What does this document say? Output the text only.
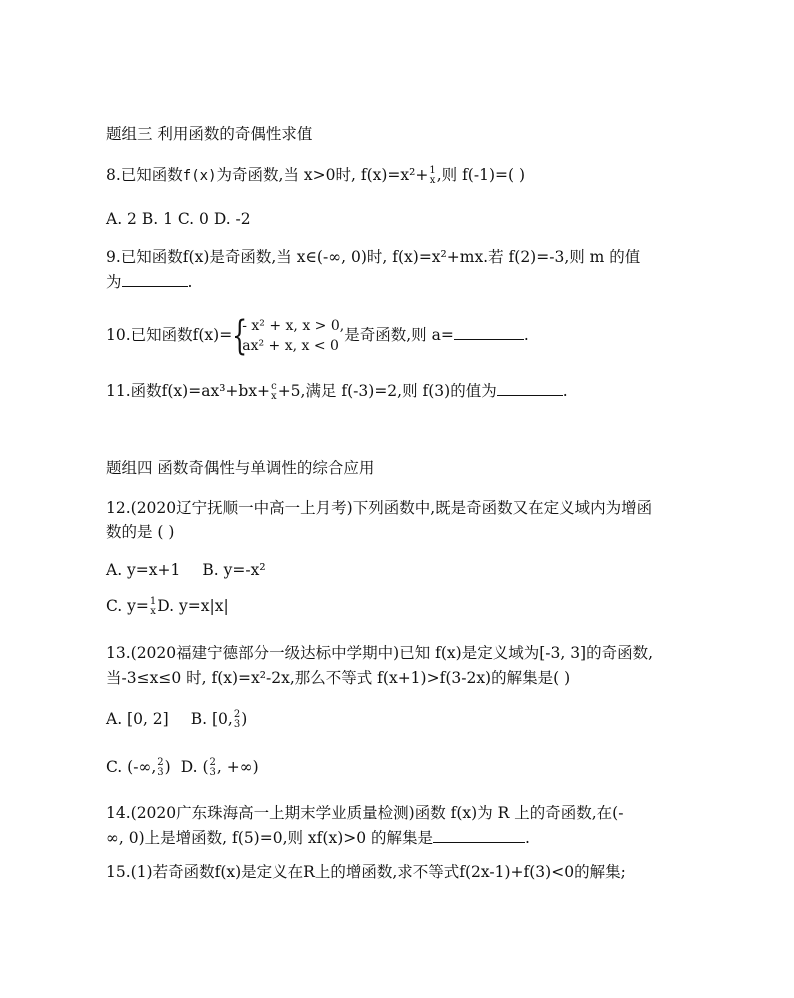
题组三 利用函数的奇偶性求值
8.已知函数f(x)为奇函数,当 x>0时, f(x)=x²+ 1
x ,则 f(-1)=( )
A. 2 B. 1 C. 0 D. -2
9.已知函数f(x)是奇函数,当 x∈(-∞, 0)时, f(x)=x²+mx.若 f(2)=-3,则 m 的值
为	.
10.已知函数f(x)= {
- x² + x, x > 0,
ax² + x, x < 0
是奇函数,则 a=	.
11.函数f(x)=ax³+bx+ c
x +5,满足 f(-3)=2,则 f(3)的值为	.
题组四 函数奇偶性与单调性的综合应用
12.(2020辽宁抚顺一中高一上月考)下列函数中,既是奇函数又在定义域内为增函
数的是 ( )
A. y=x+1 B. y=-x²
C. y= 1
x D. y=x|x|
13.(2020福建宁德部分一级达标中学期中)已知 f(x)是定义域为[-3, 3]的奇函数,
当-3≤x≤0 时, f(x)=x²-2x,那么不等式 f(x+1)>f(3-2x)的解集是( )
A. [0, 2] B. [0, 2
3 )
C. (-∞, 2
3 ) D. ( 2
3 , +∞)
14.(2020广东珠海高一上期末学业质量检测)函数 f(x)为 R 上的奇函数,在(-
∞, 0)上是增函数, f(5)=0,则 xf(x)>0 的解集是	.
15.(1)若奇函数f(x)是定义在R上的增函数,求不等式f(2x-1)+f(3)<0的解集;
